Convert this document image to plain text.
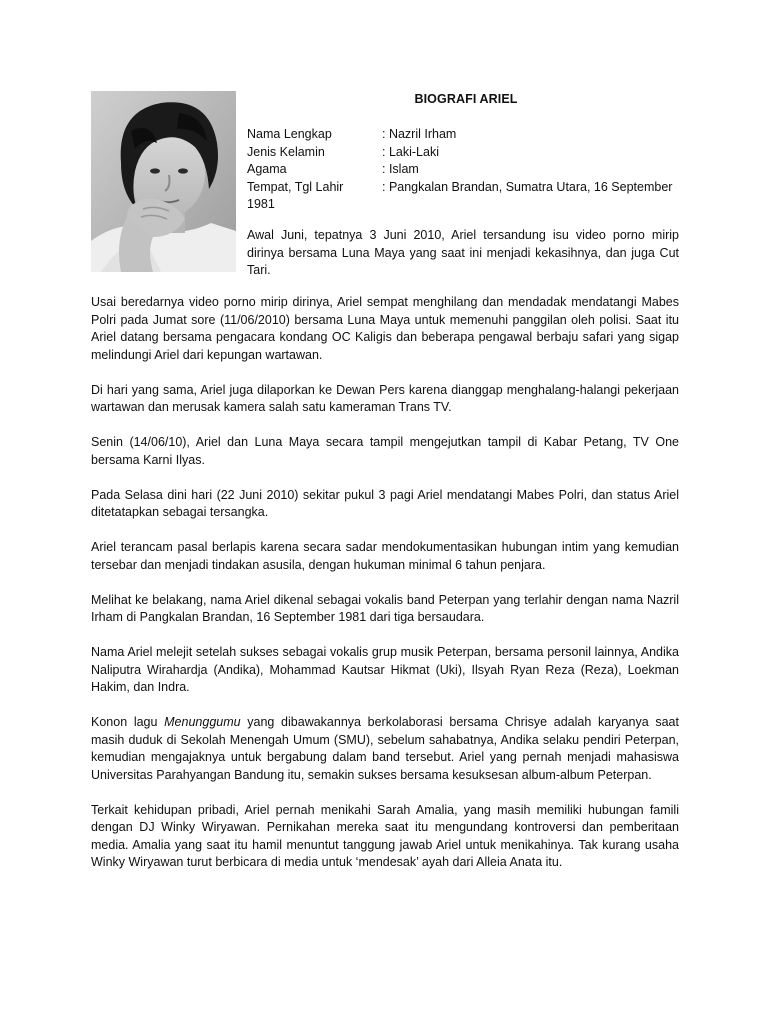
BIOGRAFI ARIEL
Nama Lengkap	: Nazril Irham
Jenis Kelamin	: Laki-Laki
Agama	: Islam
Tempat, Tgl Lahir	: Pangkalan Brandan, Sumatra Utara, 16 September
1981

Awal Juni, tepatnya 3 Juni 2010, Ariel tersandung isu video porno mirip dirinya bersama Luna Maya yang saat ini menjadi kekasihnya, dan juga Cut Tari.

Usai beredarnya video porno mirip dirinya, Ariel sempat menghilang dan mendadak mendatangi Mabes Polri pada Jumat sore (11/06/2010) bersama Luna Maya untuk memenuhi panggilan oleh polisi. Saat itu Ariel datang bersama pengacara kondang OC Kaligis dan beberapa pengawal berbaju safari yang sigap melindungi Ariel dari kepungan wartawan.

Di hari yang sama, Ariel juga dilaporkan ke Dewan Pers karena dianggap menghalang-halangi pekerjaan wartawan dan merusak kamera salah satu kameraman Trans TV.

Senin (14/06/10), Ariel dan Luna Maya secara tampil mengejutkan tampil di Kabar Petang, TV One bersama Karni Ilyas.

Pada Selasa dini hari (22 Juni 2010) sekitar pukul 3 pagi Ariel mendatangi Mabes Polri, dan status Ariel ditetatapkan sebagai tersangka.

Ariel terancam pasal berlapis karena secara sadar mendokumentasikan hubungan intim yang kemudian tersebar dan menjadi tindakan asusila, dengan hukuman minimal 6 tahun penjara.

Melihat ke belakang, nama Ariel dikenal sebagai vokalis band Peterpan yang terlahir dengan nama Nazril Irham di Pangkalan Brandan, 16 September 1981 dari tiga bersaudara.

Nama Ariel melejit setelah sukses sebagai vokalis grup musik Peterpan, bersama personil lainnya, Andika Naliputra Wirahardja (Andika), Mohammad Kautsar Hikmat (Uki), Ilsyah Ryan Reza (Reza), Loekman Hakim, dan Indra.

Konon lagu Menunggumu yang dibawakannya berkolaborasi bersama Chrisye adalah karyanya saat masih duduk di Sekolah Menengah Umum (SMU), sebelum sahabatnya, Andika selaku pendiri Peterpan, kemudian mengajaknya untuk bergabung dalam band tersebut. Ariel yang pernah menjadi mahasiswa Universitas Parahyangan Bandung itu, semakin sukses bersama kesuksesan album-album Peterpan.

Terkait kehidupan pribadi, Ariel pernah menikahi Sarah Amalia, yang masih memiliki hubungan famili dengan DJ Winky Wiryawan. Pernikahan mereka saat itu mengundang kontroversi dan pemberitaan media. Amalia yang saat itu hamil menuntut tanggung jawab Ariel untuk menikahinya. Tak kurang usaha Winky Wiryawan turut berbicara di media untuk ‘mendesak’ ayah dari Alleia Anata itu.
